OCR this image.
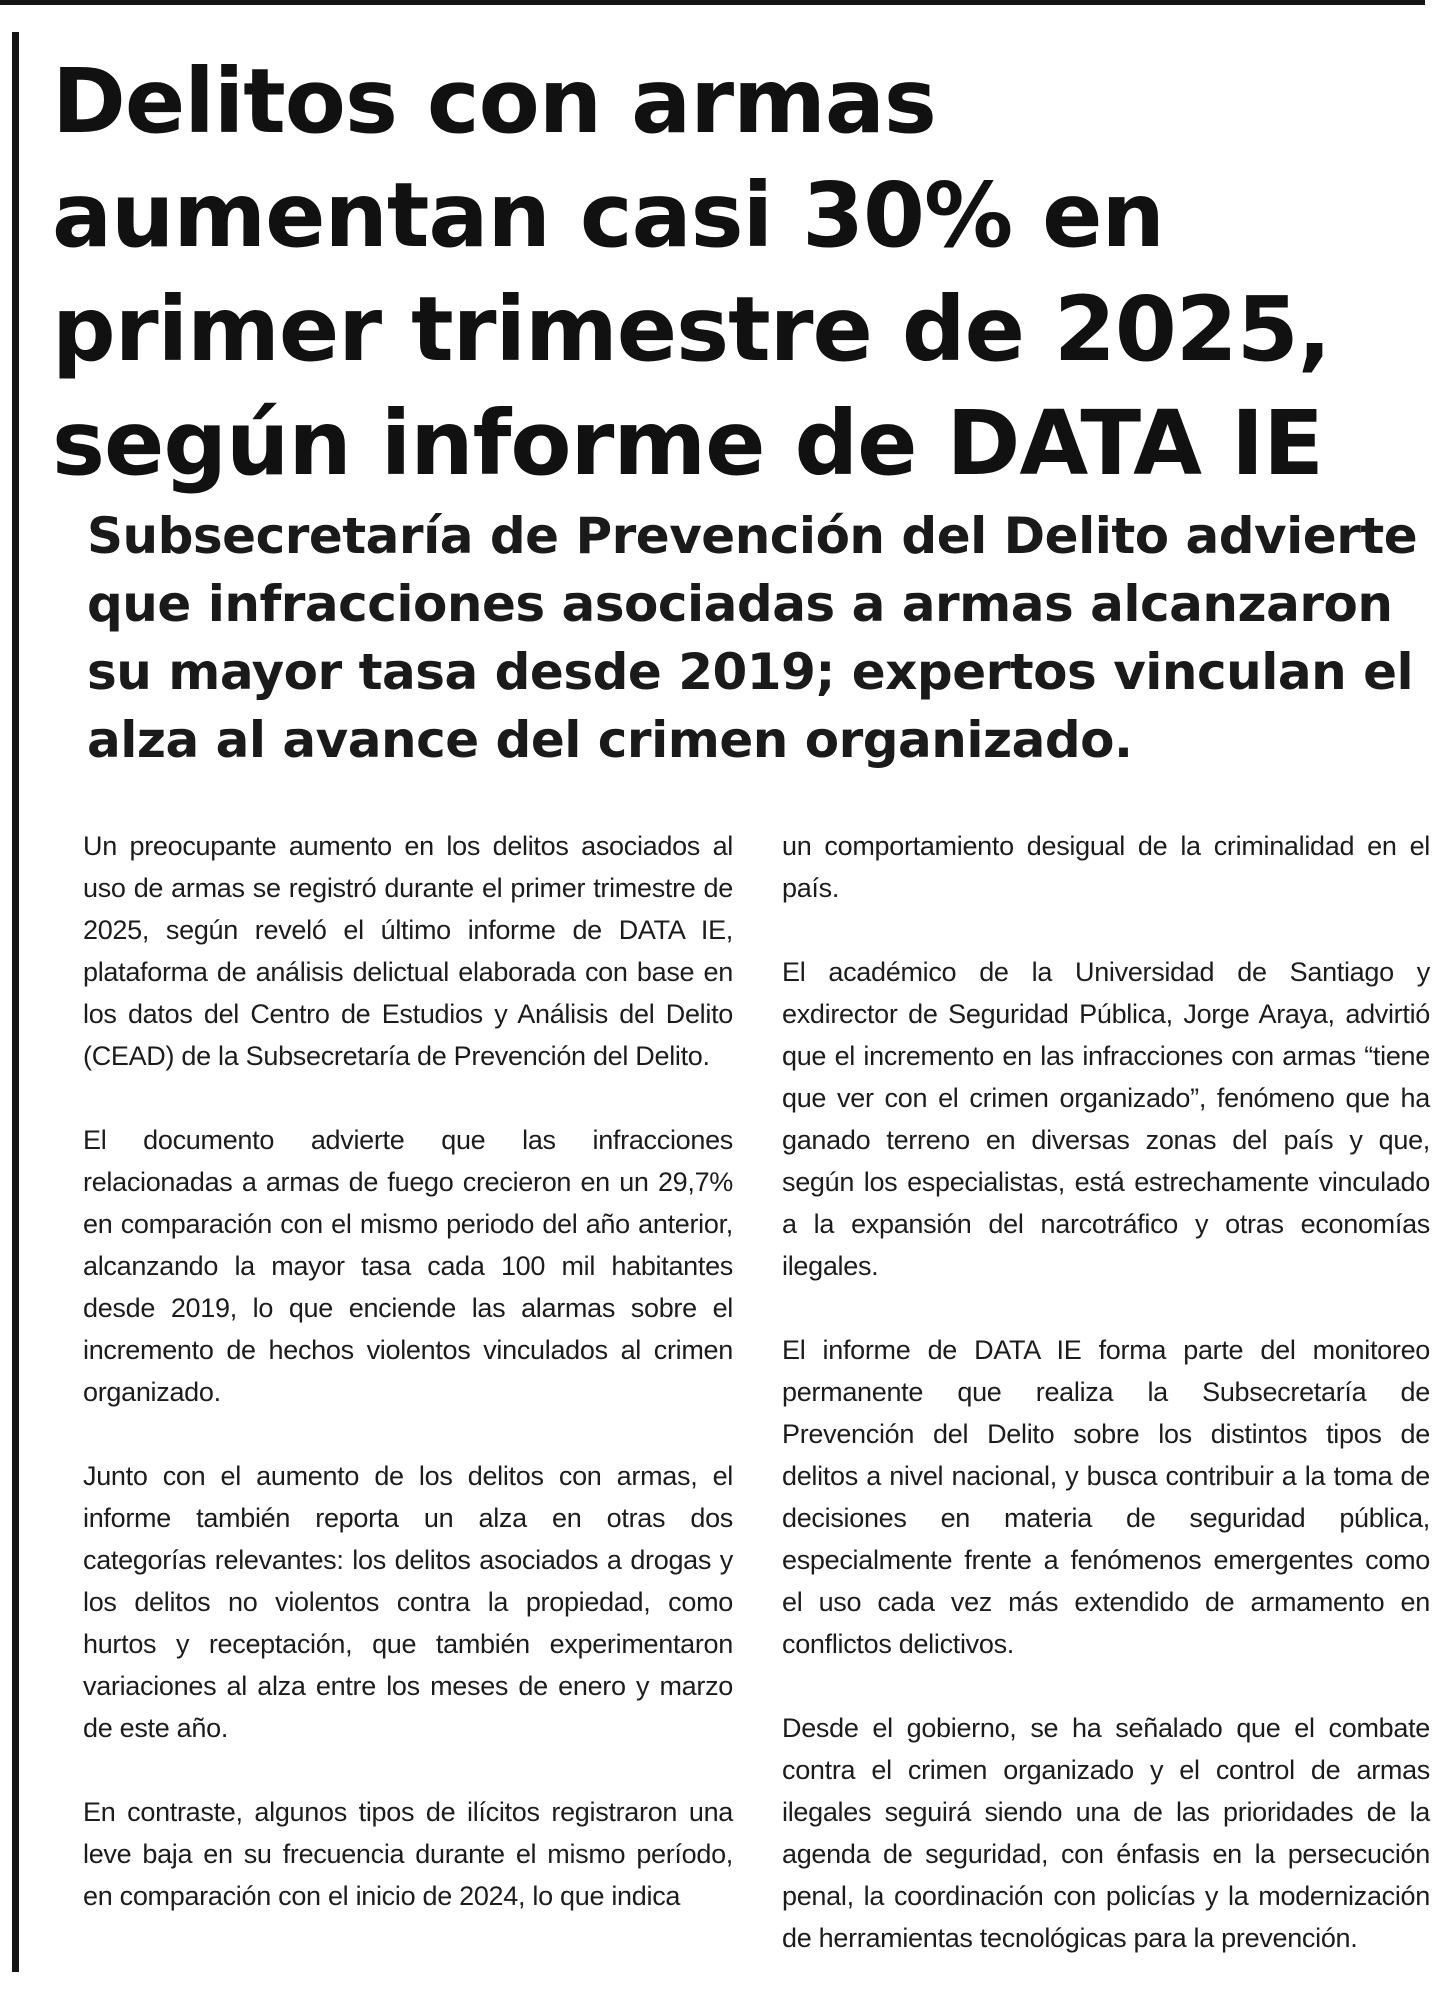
Delitos con armas aumentan casi 30% en primer trimestre de 2025, según informe de DATA IE
Subsecretaría de Prevención del Delito advierte que infracciones asociadas a armas alcanzaron su mayor tasa desde 2019; expertos vinculan el alza al avance del crimen organizado.

Un preocupante aumento en los delitos asociados al uso de armas se registró durante el primer trimestre de 2025, según reveló el último informe de DATA IE, plataforma de análisis delictual elaborada con base en los datos del Centro de Estudios y Análisis del Delito (CEAD) de la Subsecretaría de Prevención del Delito.

El documento advierte que las infracciones relacionadas a armas de fuego crecieron en un 29,7% en comparación con el mismo periodo del año anterior, alcanzando la mayor tasa cada 100 mil habitantes desde 2019, lo que enciende las alarmas sobre el incremento de hechos violentos vinculados al crimen organizado.

Junto con el aumento de los delitos con armas, el informe también reporta un alza en otras dos categorías relevantes: los delitos asociados a drogas y los delitos no violentos contra la propiedad, como hurtos y receptación, que también experimentaron variaciones al alza entre los meses de enero y marzo de este año.

En contraste, algunos tipos de ilícitos registraron una leve baja en su frecuencia durante el mismo período, en comparación con el inicio de 2024, lo que indica

un comportamiento desigual de la criminalidad en el país.

El académico de la Universidad de Santiago y exdirector de Seguridad Pública, Jorge Araya, advirtió que el incremento en las infracciones con armas “tiene que ver con el crimen organizado”, fenómeno que ha ganado terreno en diversas zonas del país y que, según los especialistas, está estrechamente vinculado a la expansión del narcotráfico y otras economías ilegales.

El informe de DATA IE forma parte del monitoreo permanente que realiza la Subsecretaría de Prevención del Delito sobre los distintos tipos de delitos a nivel nacional, y busca contribuir a la toma de decisiones en materia de seguridad pública, especialmente frente a fenómenos emergentes como el uso cada vez más extendido de armamento en conflictos delictivos.

Desde el gobierno, se ha señalado que el combate contra el crimen organizado y el control de armas ilegales seguirá siendo una de las prioridades de la agenda de seguridad, con énfasis en la persecución penal, la coordinación con policías y la modernización de herramientas tecnológicas para la prevención.
